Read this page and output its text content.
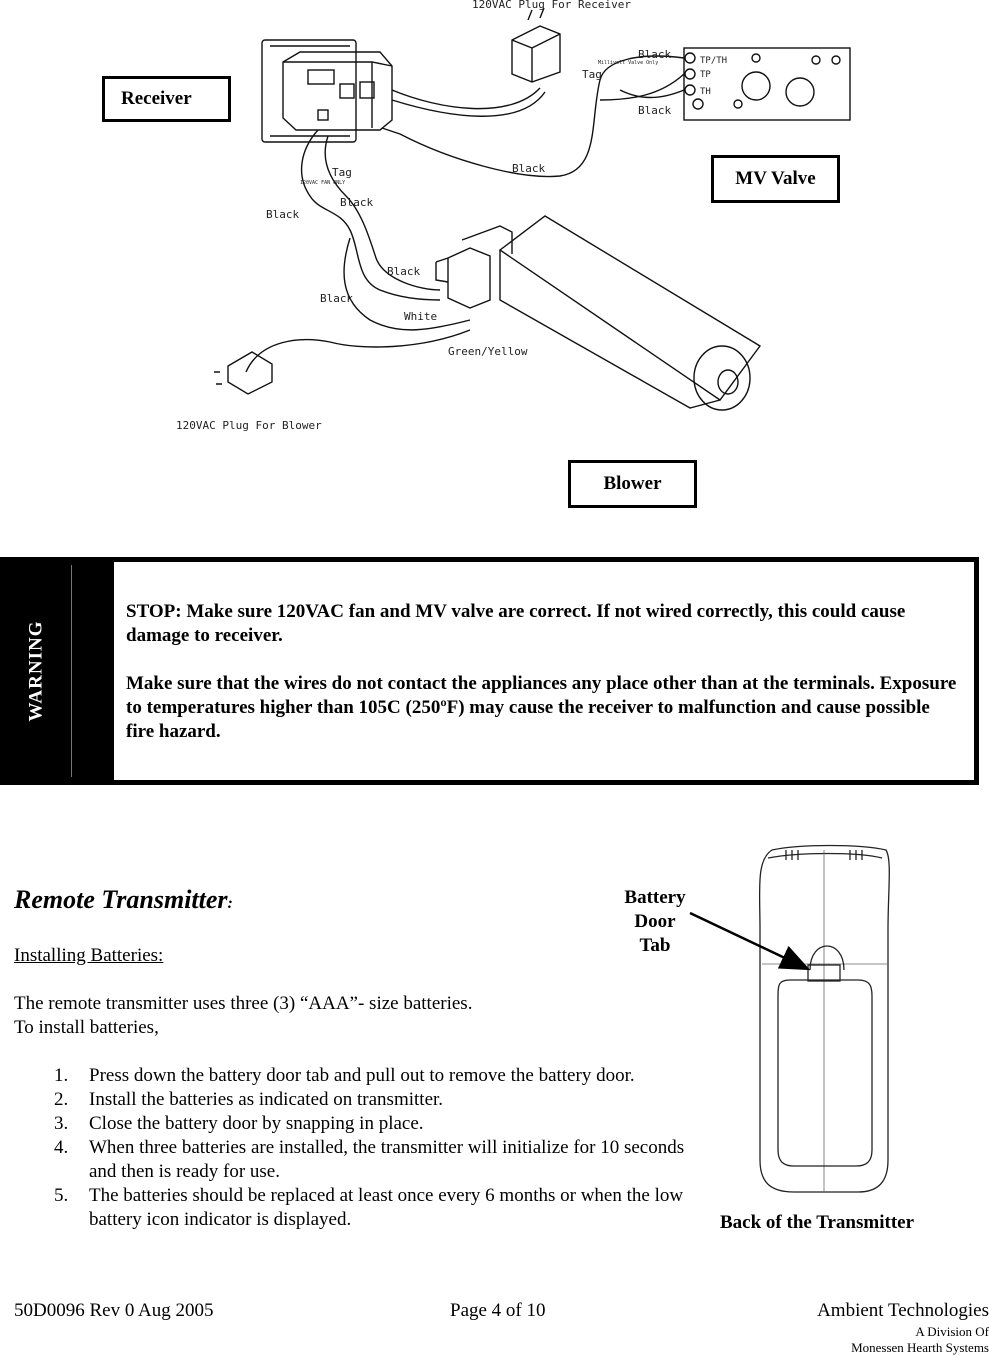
120VAC Plug For Receiver
120VAC Plug For Blower
Tag
Tag
Black
Black
Black
Black
Black
Black
Black
White
Green/Yellow
TP/TH
TP
TH
Millivolt Valve Only
120VAC FAN ONLY
Receiver
MV Valve
Blower
WARNING

STOP: Make sure 120VAC fan and MV valve are correct. If not wired correctly, this could cause damage to receiver.

Make sure that the wires do not contact the appliances any place other than at the terminals. Exposure to temperatures higher than 105C (250ºF) may cause the receiver to malfunction and cause possible fire hazard.

Remote Transmitter:
Installing Batteries:
The remote transmitter uses three (3) “AAA”- size batteries.
To install batteries,
1. Press down the battery door tab and pull out to remove the battery door.
2. Install the batteries as indicated on transmitter.
3. Close the battery door by snapping in place.
4. When three batteries are installed, the transmitter will initialize for 10 seconds and then is ready for use.
5. The batteries should be replaced at least once every 6 months or when the low battery icon indicator is displayed.
Battery
Door
Tab
Back of the Transmitter
50D0096 Rev 0 Aug 2005	Page 4 of 10	Ambient Technologies
A Division Of
Monessen Hearth Systems
